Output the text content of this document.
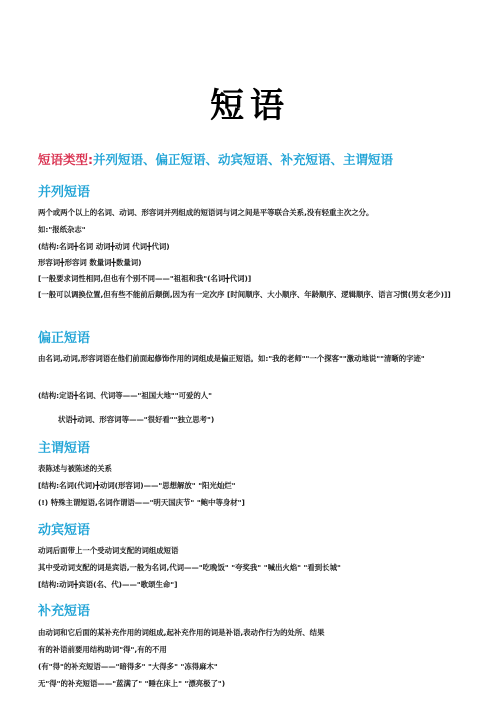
短语
短语类型:并列短语、偏正短语、动宾短语、补充短语、主谓短语
并列短语
两个或两个以上的名词、动词、形容词并列组成的短语词与词之间是平等联合关系,没有轻重主次之分。
如:"报纸杂志"
(结构:名词╋名词 动词╋动词 代词╋代词)
形容词╋形容词 数量词╋数量词)
[一般要求词性相同,但也有个别不同——"祖祖和我"(名词╋代词)]
[一般可以调换位置,但有些不能前后颠倒,因为有一定次序 [时间顺序、大小顺序、年龄顺序、逻辑顺序、语言习惯(男女老少)]]
偏正短语
由名词,动词,形容词语在他们前面起修饰作用的词组成是偏正短语。如:"我的老师""一个探客""激动地说""清晰的字迹"
(结构:定语╋名词、代词等——"祖国大地""可爱的人"
状语╋动词、形容词等——"很好看""独立思考")
主谓短语
表陈述与被陈述的关系
[结构:名词(代词)╋动词(形容词)——"思想解放" "阳光灿烂"
(!) 特殊主谓短语,名词作谓语——"明天国庆节" "鲍中等身材"]
动宾短语
动词后面带上一个受动词支配的词组成短语
其中受动词支配的词是宾语,一般为名词,代词——"吃晚饭" "夸奖我" "喊出火焰" "看到长城"
[结构:动词╋宾语(名、代)——"歌颂生命"]
补充短语
由动词和它后面的某补充作用的词组成,起补充作用的词是补语,表动作行为的处所、结果
有的补语前要用结构助词"得",有的不用
(有"得"的补充短语——"暗得多" "大得多" "冻得麻木"
无"得"的补充短语——"蓝满了" "睡在床上" "漂亮极了")
